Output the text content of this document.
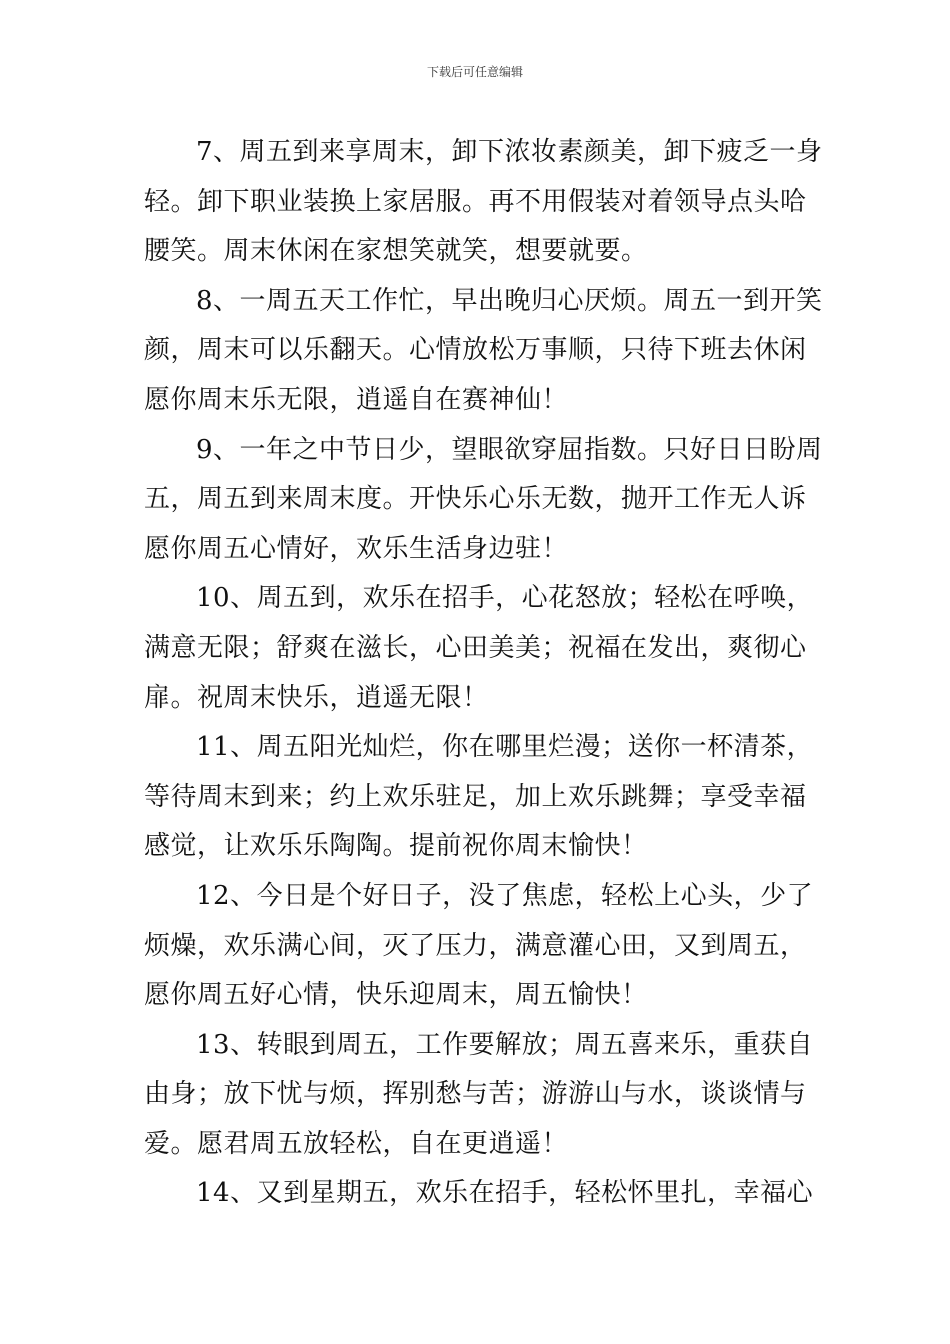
下载后可任意编辑
7、周五到来享周末，卸下浓妆素颜美，卸下疲乏一身
轻。卸下职业装换上家居服。再不用假装对着领导点头哈
腰笑。周末休闲在家想笑就笑，想要就要。
8、一周五天工作忙，早出晚归心厌烦。周五一到开笑
颜，周末可以乐翻天。心情放松万事顺，只待下班去休闲
愿你周末乐无限，逍遥自在赛神仙！
9、一年之中节日少，望眼欲穿屈指数。只好日日盼周
五，周五到来周末度。开快乐心乐无数，抛开工作无人诉
愿你周五心情好，欢乐生活身边驻！
10、周五到，欢乐在招手，心花怒放；轻松在呼唤，
满意无限；舒爽在滋长，心田美美；祝福在发出，爽彻心
扉。祝周末快乐，逍遥无限！
11、周五阳光灿烂，你在哪里烂漫；送你一杯清茶，
等待周末到来；约上欢乐驻足，加上欢乐跳舞；享受幸福
感觉，让欢乐乐陶陶。提前祝你周末愉快！
12、今日是个好日子，没了焦虑，轻松上心头，少了
烦燥，欢乐满心间，灭了压力，满意灌心田，又到周五，
愿你周五好心情，快乐迎周末，周五愉快！
13、转眼到周五，工作要解放；周五喜来乐，重获自
由身；放下忧与烦，挥别愁与苦；游游山与水，谈谈情与
爱。愿君周五放轻松，自在更逍遥！
14、又到星期五，欢乐在招手，轻松怀里扎，幸福心
